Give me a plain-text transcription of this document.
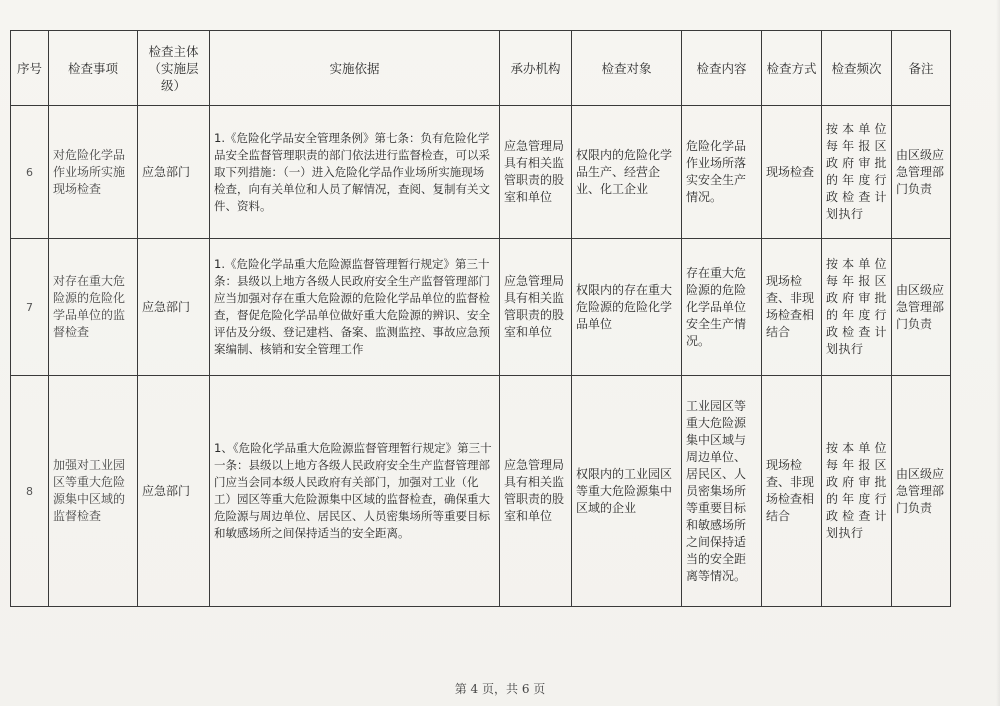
序号	检查事项	检查主体（实施层级）	实施依据	承办机构	检查对象	检查内容	检查方式	检查频次	备注
6	对危险化学品作业场所实施现场检查	应急部门	1.《危险化学品安全管理条例》第七条：负有危险化学品安全监督管理职责的部门依法进行监督检查，可以采取下列措施：（一）进入危险化学品作业场所实施现场检查，向有关单位和人员了解情况，查阅、复制有关文件、资料。	应急管理局具有相关监管职责的股室和单位	权限内的危险化学品生产、经营企业、化工企业	危险化学品作业场所落实安全生产情况。	现场检查	按本单位每年报区政府审批的年度行政检查计划执行	由区级应急管理部门负责
7	对存在重大危险源的危险化学品单位的监督检查	应急部门	1.《危险化学品重大危险源监督管理暂行规定》第三十条：县级以上地方各级人民政府安全生产监督管理部门应当加强对存在重大危险源的危险化学品单位的监督检查，督促危险化学品单位做好重大危险源的辨识、安全评估及分级、登记建档、备案、监测监控、事故应急预案编制、核销和安全管理工作	应急管理局具有相关监管职责的股室和单位	权限内的存在重大危险源的危险化学品单位	存在重大危险源的危险化学品单位安全生产情况。	现场检查、非现场检查相结合	按本单位每年报区政府审批的年度行政检查计划执行	由区级应急管理部门负责
8	加强对工业园区等重大危险源集中区域的监督检查	应急部门	1、《危险化学品重大危险源监督管理暂行规定》第三十一条：县级以上地方各级人民政府安全生产监督管理部门应当会同本级人民政府有关部门，加强对工业（化工）园区等重大危险源集中区域的监督检查，确保重大危险源与周边单位、居民区、人员密集场所等重要目标和敏感场所之间保持适当的安全距离。	应急管理局具有相关监管职责的股室和单位	权限内的工业园区等重大危险源集中区域的企业	工业园区等重大危险源集中区域与周边单位、居民区、人员密集场所等重要目标和敏感场所之间保持适当的安全距离等情况。	现场检查、非现场检查相结合	按本单位每年报区政府审批的年度行政检查计划执行	由区级应急管理部门负责
第 4 页，共 6 页
